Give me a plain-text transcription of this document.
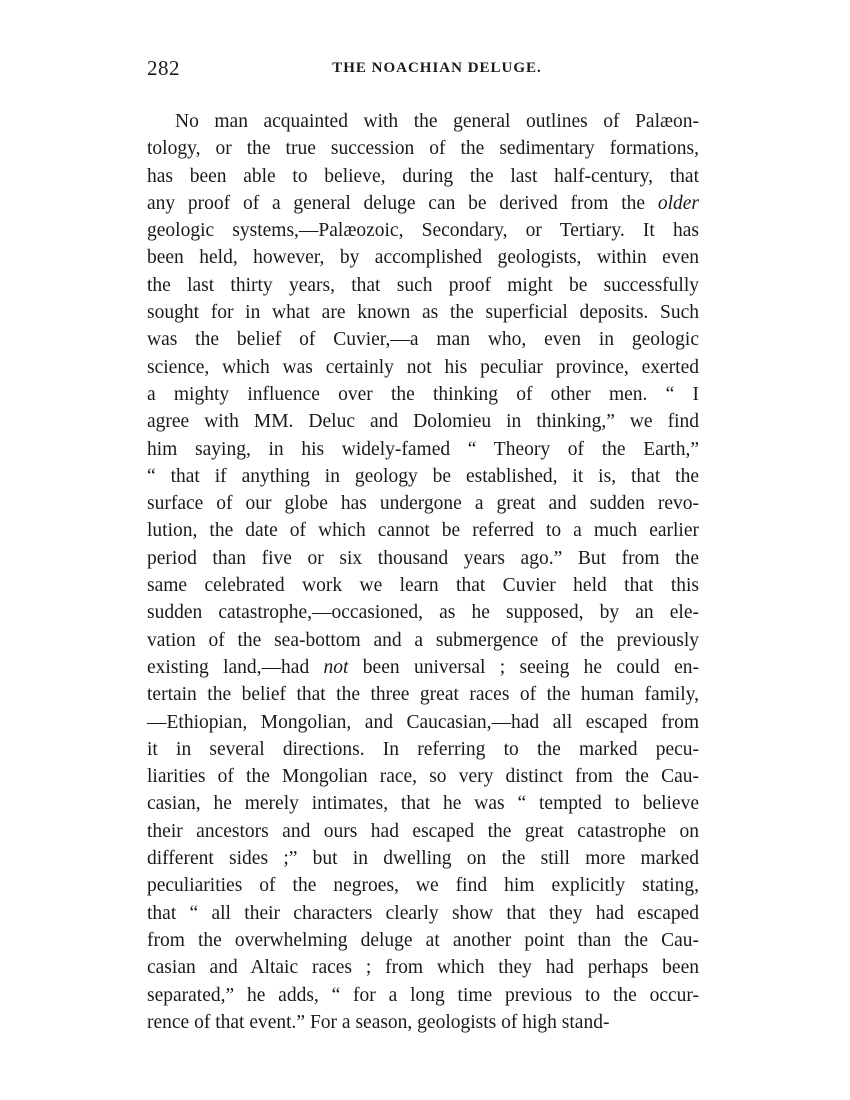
282	THE NOACHIAN DELUGE.
No man acquainted with the general outlines of Palæon-
tology, or the true succession of the sedimentary formations,
has been able to believe, during the last half-century, that
any proof of a general deluge can be derived from the older
geologic systems,—Palæozoic, Secondary, or Tertiary. It has
been held, however, by accomplished geologists, within even
the last thirty years, that such proof might be successfully
sought for in what are known as the superficial deposits. Such
was the belief of Cuvier,—a man who, even in geologic
science, which was certainly not his peculiar province, exerted
a mighty influence over the thinking of other men. “ I
agree with MM. Deluc and Dolomieu in thinking,” we find
him saying, in his widely-famed “ Theory of the Earth,”
“ that if anything in geology be established, it is, that the
surface of our globe has undergone a great and sudden revo-
lution, the date of which cannot be referred to a much earlier
period than five or six thousand years ago.” But from the
same celebrated work we learn that Cuvier held that this
sudden catastrophe,—occasioned, as he supposed, by an ele-
vation of the sea-bottom and a submergence of the previously
existing land,—had not been universal ; seeing he could en-
tertain the belief that the three great races of the human family,
—Ethiopian, Mongolian, and Caucasian,—had all escaped from
it in several directions. In referring to the marked pecu-
liarities of the Mongolian race, so very distinct from the Cau-
casian, he merely intimates, that he was “ tempted to believe
their ancestors and ours had escaped the great catastrophe on
different sides ;” but in dwelling on the still more marked
peculiarities of the negroes, we find him explicitly stating,
that “ all their characters clearly show that they had escaped
from the overwhelming deluge at another point than the Cau-
casian and Altaic races ; from which they had perhaps been
separated,” he adds, “ for a long time previous to the occur-
rence of that event.” For a season, geologists of high stand-
